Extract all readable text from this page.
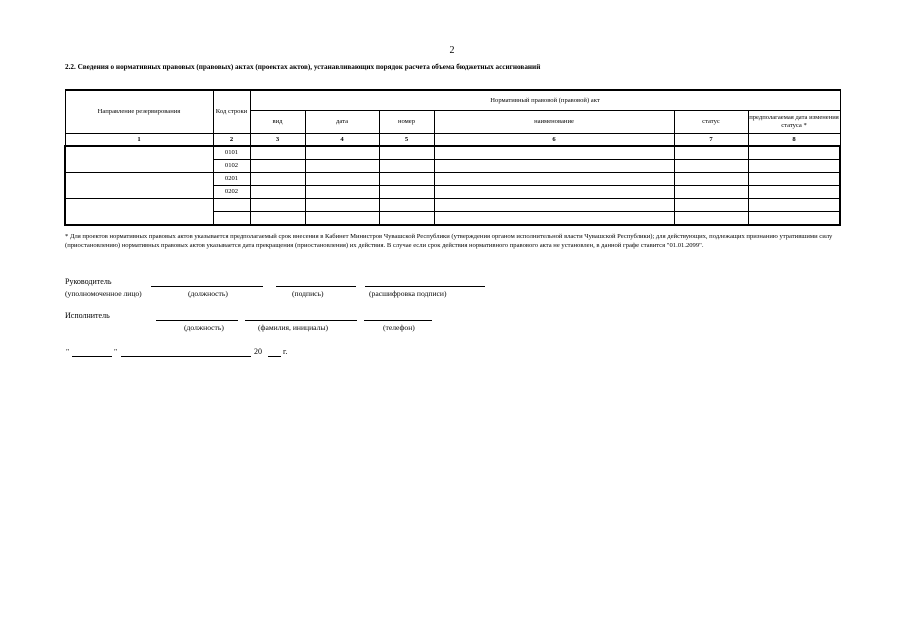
2
2.2. Сведения о нормативных правовых (правовых) актах (проектах актов), устанавливающих порядок расчета объема бюджетных ассигнований
Направление резервирования	Код строки	Нормативный правовой (правовой) акт					
		вид	дата	номер	наименование	статус	предполагаемая дата изменения статуса *
1	2	3	4	5	6	7	8
	0101						
	0102						
	0201						
	0202						

* Для проектов нормативных правовых актов указывается предполагаемый срок внесения в Кабинет Министров Чувашской Республики (утверждения органом исполнительной власти Чувашской Республики); для действующих, подлежащих признанию утратившими силу (приостановлению) нормативных правовых актов указывается дата прекращения (приостановления) их действия. В случае если срок действия нормативного правового акта не установлен, в данной графе ставится "01.01.2099".
Руководитель
(уполномоченное лицо)	(должность)	(подпись)	(расшифровка подписи)
Исполнитель
(должность)	(фамилия, инициалы)	(телефон)
"	"	20	г.
